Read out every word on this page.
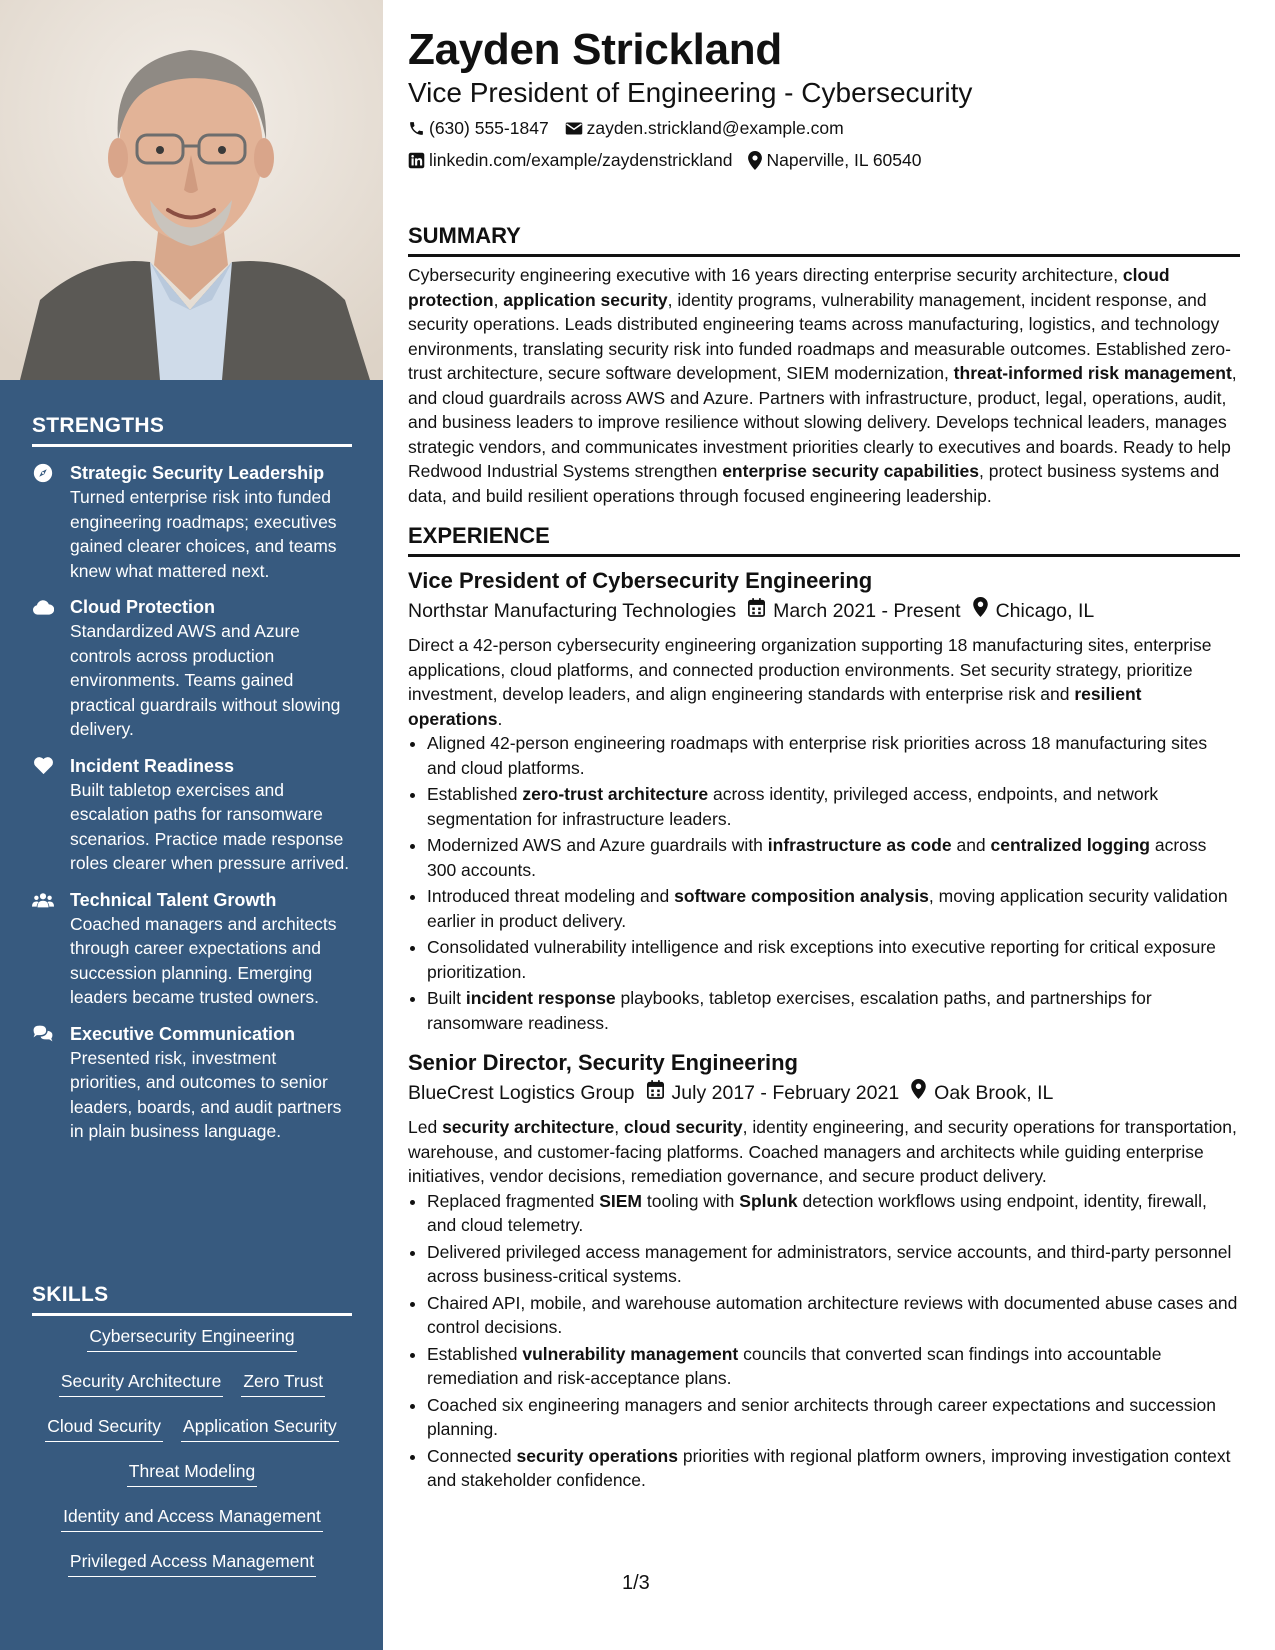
STRENGTHS
Strategic Security Leadership
Turned enterprise risk into funded engineering roadmaps; executives gained clearer choices, and teams knew what mattered next.
Cloud Protection
Standardized AWS and Azure controls across production environments. Teams gained practical guardrails without slowing delivery.
Incident Readiness
Built tabletop exercises and escalation paths for ransomware scenarios. Practice made response roles clearer when pressure arrived.
Technical Talent Growth
Coached managers and architects through career expectations and succession planning. Emerging leaders became trusted owners.
Executive Communication
Presented risk, investment priorities, and outcomes to senior leaders, boards, and audit partners in plain business language.
SKILLS
Cybersecurity Engineering
Security Architecture Zero Trust
Cloud Security Application Security
Threat Modeling
Identity and Access Management
Privileged Access Management
Zayden Strickland

Vice President of Engineering - Cybersecurity

(630) 555-1847 zayden.strickland@example.com
linkedin.com/example/zaydenstrickland Naperville, IL 60540
SUMMARY

Cybersecurity engineering executive with 16 years directing enterprise security architecture, cloud protection, application security, identity programs, vulnerability management, incident response, and security operations. Leads distributed engineering teams across manufacturing, logistics, and technology environments, translating security risk into funded roadmaps and measurable outcomes. Established zero-trust architecture, secure software development, SIEM modernization, threat-informed risk management, and cloud guardrails across AWS and Azure. Partners with infrastructure, product, legal, operations, audit, and business leaders to improve resilience without slowing delivery. Develops technical leaders, manages strategic vendors, and communicates investment priorities clearly to executives and boards. Ready to help Redwood Industrial Systems strengthen enterprise security capabilities, protect business systems and data, and build resilient operations through focused engineering leadership.

EXPERIENCE
Vice President of Cybersecurity Engineering
Northstar Manufacturing Technologies March 2021 - Present Chicago, IL

Direct a 42-person cybersecurity engineering organization supporting 18 manufacturing sites, enterprise applications, cloud platforms, and connected production environments. Set security strategy, prioritize investment, develop leaders, and align engineering standards with enterprise risk and resilient operations.

• Aligned 42-person engineering roadmaps with enterprise risk priorities across 18 manufacturing sites and cloud platforms.
• Established zero-trust architecture across identity, privileged access, endpoints, and network segmentation for infrastructure leaders.
• Modernized AWS and Azure guardrails with infrastructure as code and centralized logging across 300 accounts.
• Introduced threat modeling and software composition analysis, moving application security validation earlier in product delivery.
• Consolidated vulnerability intelligence and risk exceptions into executive reporting for critical exposure prioritization.
• Built incident response playbooks, tabletop exercises, escalation paths, and partnerships for ransomware readiness.
Senior Director, Security Engineering
BlueCrest Logistics Group July 2017 - February 2021 Oak Brook, IL

Led security architecture, cloud security, identity engineering, and security operations for transportation, warehouse, and customer-facing platforms. Coached managers and architects while guiding enterprise initiatives, vendor decisions, remediation governance, and secure product delivery.

• Replaced fragmented SIEM tooling with Splunk detection workflows using endpoint, identity, firewall, and cloud telemetry.
• Delivered privileged access management for administrators, service accounts, and third-party personnel across business-critical systems.
• Chaired API, mobile, and warehouse automation architecture reviews with documented abuse cases and control decisions.
• Established vulnerability management councils that converted scan findings into accountable remediation and risk-acceptance plans.
• Coached six engineering managers and senior architects through career expectations and succession planning.
• Connected security operations priorities with regional platform owners, improving investigation context and stakeholder confidence.
1/3
